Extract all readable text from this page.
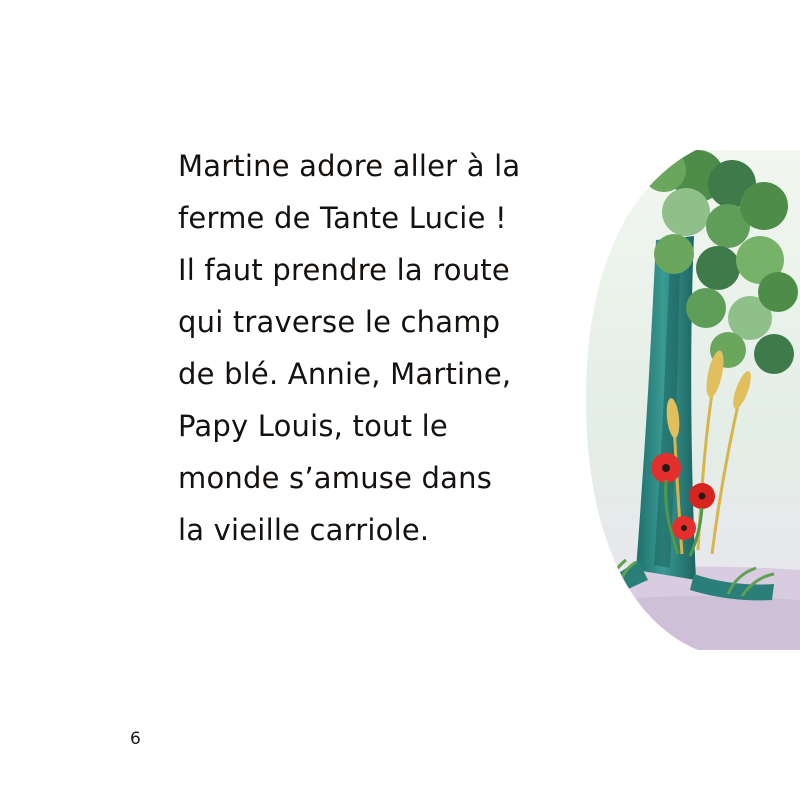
Martine adore aller à la
ferme de Tante Lucie !
Il faut prendre la route
qui traverse le champ
de blé. Annie, Martine,
Papy Louis, tout le
monde s’amuse dans
la vieille carriole.
6
